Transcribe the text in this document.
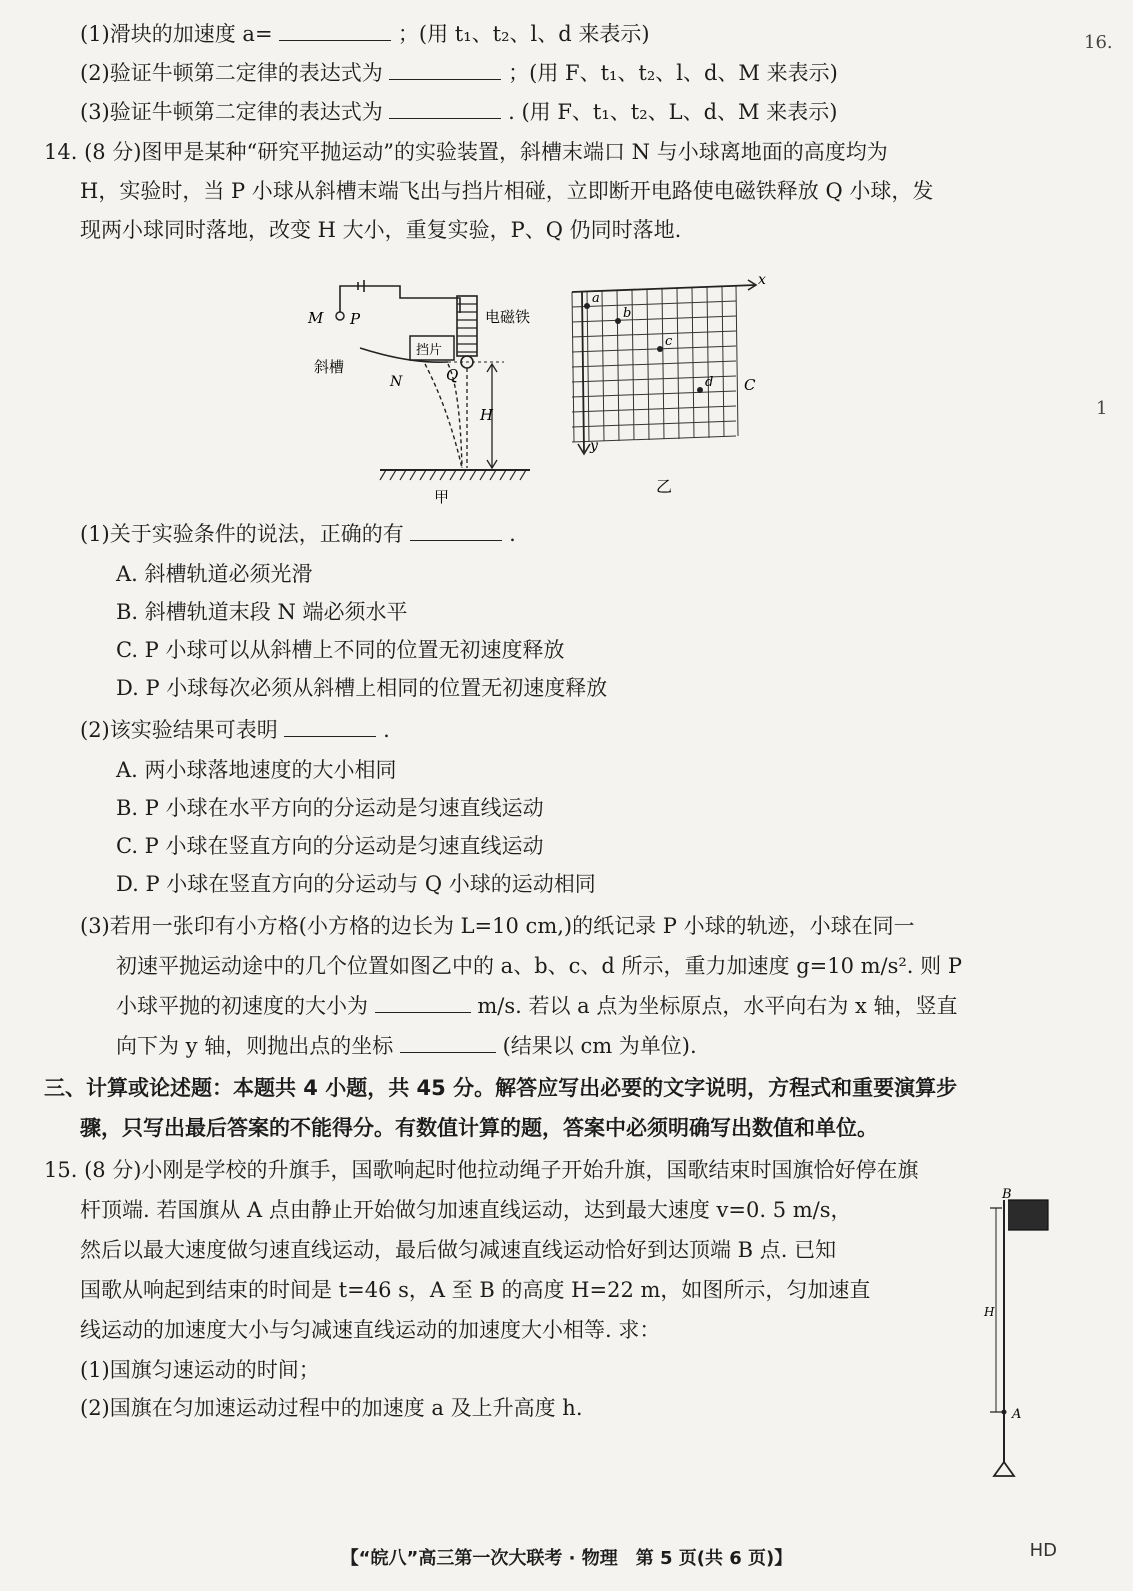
(1)滑块的加速度 a=	；(用 t₁、t₂、l、d 来表示)
(2)验证牛顿第二定律的表达式为	；(用 F、t₁、t₂、l、d、M 来表示)
(3)验证牛顿第二定律的表达式为	. (用 F、t₁、t₂、L、d、M 来表示)
16.
1
14. (8 分)图甲是某种“研究平抛运动”的实验装置，斜槽末端口 N 与小球离地面的高度均为
H，实验时，当 P 小球从斜槽末端飞出与挡片相碰，立即断开电路使电磁铁释放 Q 小球，发
现两小球同时落地，改变 H 大小，重复实验，P、Q 仍同时落地.
M P	电磁铁
挡片
Q
斜槽
N
H
甲
x
y
a
b
c
d C
乙
(1)关于实验条件的说法，正确的有	.
A. 斜槽轨道必须光滑
B. 斜槽轨道末段 N 端必须水平
C. P 小球可以从斜槽上不同的位置无初速度释放
D. P 小球每次必须从斜槽上相同的位置无初速度释放
(2)该实验结果可表明	.
A. 两小球落地速度的大小相同
B. P 小球在水平方向的分运动是匀速直线运动
C. P 小球在竖直方向的分运动是匀速直线运动
D. P 小球在竖直方向的分运动与 Q 小球的运动相同
(3)若用一张印有小方格(小方格的边长为 L=10 cm,)的纸记录 P 小球的轨迹，小球在同一
初速平抛运动途中的几个位置如图乙中的 a、b、c、d 所示，重力加速度 g=10 m/s². 则 P
小球平抛的初速度的大小为	m/s. 若以 a 点为坐标原点，水平向右为 x 轴，竖直
向下为 y 轴，则抛出点的坐标	(结果以 cm 为单位).
三、计算或论述题：本题共 4 小题，共 45 分。解答应写出必要的文字说明，方程式和重要演算步
骤，只写出最后答案的不能得分。有数值计算的题，答案中必须明确写出数值和单位。
15. (8 分)小刚是学校的升旗手，国歌响起时他拉动绳子开始升旗，国歌结束时国旗恰好停在旗
杆顶端. 若国旗从 A 点由静止开始做匀加速直线运动，达到最大速度 v=0. 5 m/s，
然后以最大速度做匀速直线运动，最后做匀减速直线运动恰好到达顶端 B 点. 已知
国歌从响起到结束的时间是 t=46 s，A 至 B 的高度 H=22 m，如图所示，匀加速直
线运动的加速度大小与匀减速直线运动的加速度大小相等. 求：
(1)国旗匀速运动的时间；
(2)国旗在匀加速运动过程中的加速度 a 及上升高度 h.
B
H
A
【“皖八”高三第一次大联考 · 物理　第 5 页(共 6 页)】	HD
